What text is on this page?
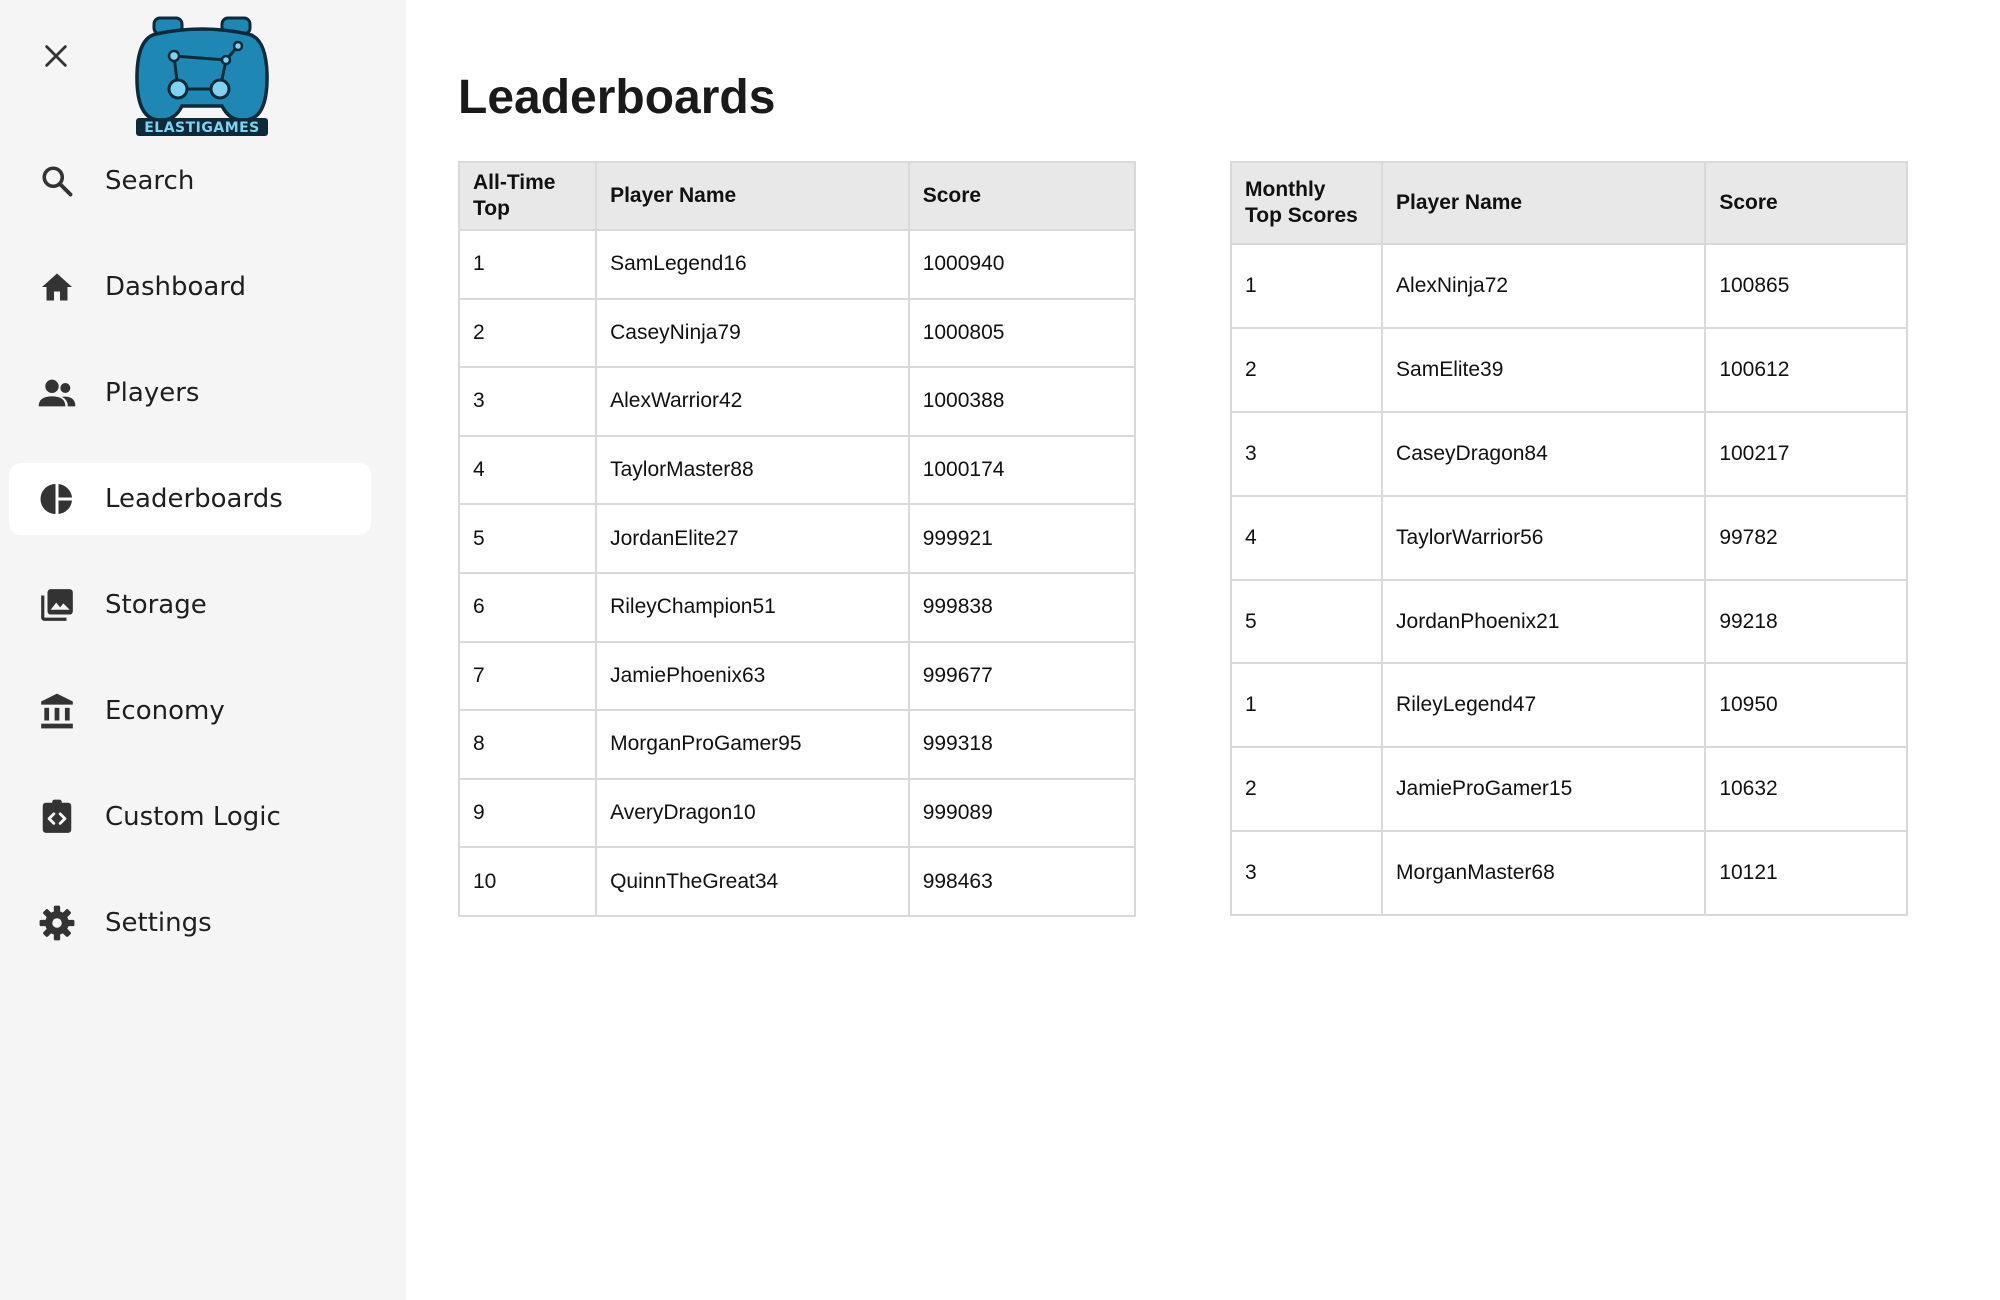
ELASTIGAMES
Search
Dashboard
Players
Leaderboards
Storage
Economy
Custom Logic
Settings
Leaderboards
All-Time Top	Player Name	Score
1	SamLegend16	1000940
2	CaseyNinja79	1000805
3	AlexWarrior42	1000388
4	TaylorMaster88	1000174
5	JordanElite27	999921
6	RileyChampion51	999838
7	JamiePhoenix63	999677
8	MorganProGamer95	999318
9	AveryDragon10	999089
10	QuinnTheGreat34	998463
Monthly Top Scores	Player Name	Score
1	AlexNinja72	100865
2	SamElite39	100612
3	CaseyDragon84	100217
4	TaylorWarrior56	99782
5	JordanPhoenix21	99218
1	RileyLegend47	10950
2	JamieProGamer15	10632
3	MorganMaster68	10121
